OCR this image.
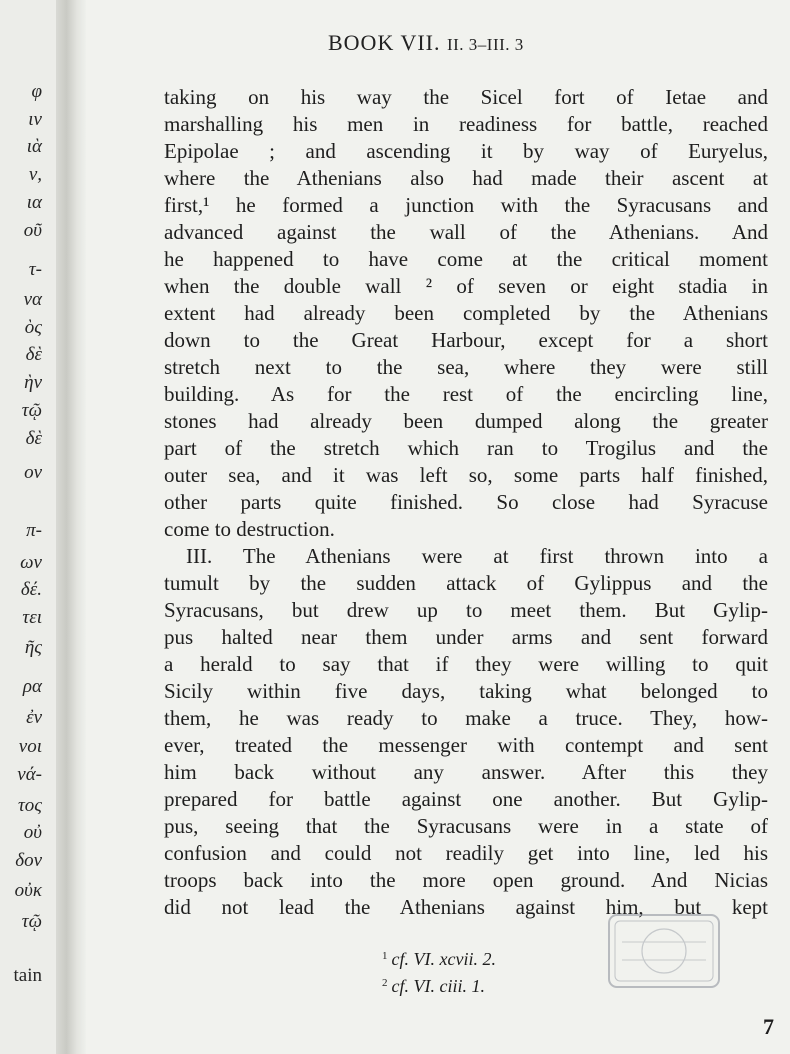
φ
ιν
ιὰ
ν,
ια
οῦ
τ-
να
ὸς
δὲ
ὴν
τῷ
δὲ
ον
π-
ων
δέ.
τει
ῆς
ρα
ἐν
νοι
νά-
τος
οὐ
δον
οὐκ
τῷ
tain
BOOK VII. II. 3–III. 3
taking on his way the Sicel fort of Ietae and
marshalling his men in readiness for battle, reached
Epipolae ; and ascending it by way of Euryelus,
where the Athenians also had made their ascent at
first,¹ he formed a junction with the Syracusans and
advanced against the wall of the Athenians. And
he happened to have come at the critical moment
when the double wall ² of seven or eight stadia in
extent had already been completed by the Athenians
down to the Great Harbour, except for a short
stretch next to the sea, where they were still
building. As for the rest of the encircling line,
stones had already been dumped along the greater
part of the stretch which ran to Trogilus and the
outer sea, and it was left so, some parts half finished,
other parts quite finished. So close had Syracuse
come to destruction.
III. The Athenians were at first thrown into a
tumult by the sudden attack of Gylippus and the
Syracusans, but drew up to meet them. But Gylip-
pus halted near them under arms and sent forward
a herald to say that if they were willing to quit
Sicily within five days, taking what belonged to
them, he was ready to make a truce. They, how-
ever, treated the messenger with contempt and sent
him back without any answer. After this they
prepared for battle against one another. But Gylip-
pus, seeing that the Syracusans were in a state of
confusion and could not readily get into line, led his
troops back into the more open ground. And Nicias
did not lead the Athenians against him, but kept
$^1$ cf. VI. xcvii. 2.
$^2$ cf. VI. ciii. 1.
7
